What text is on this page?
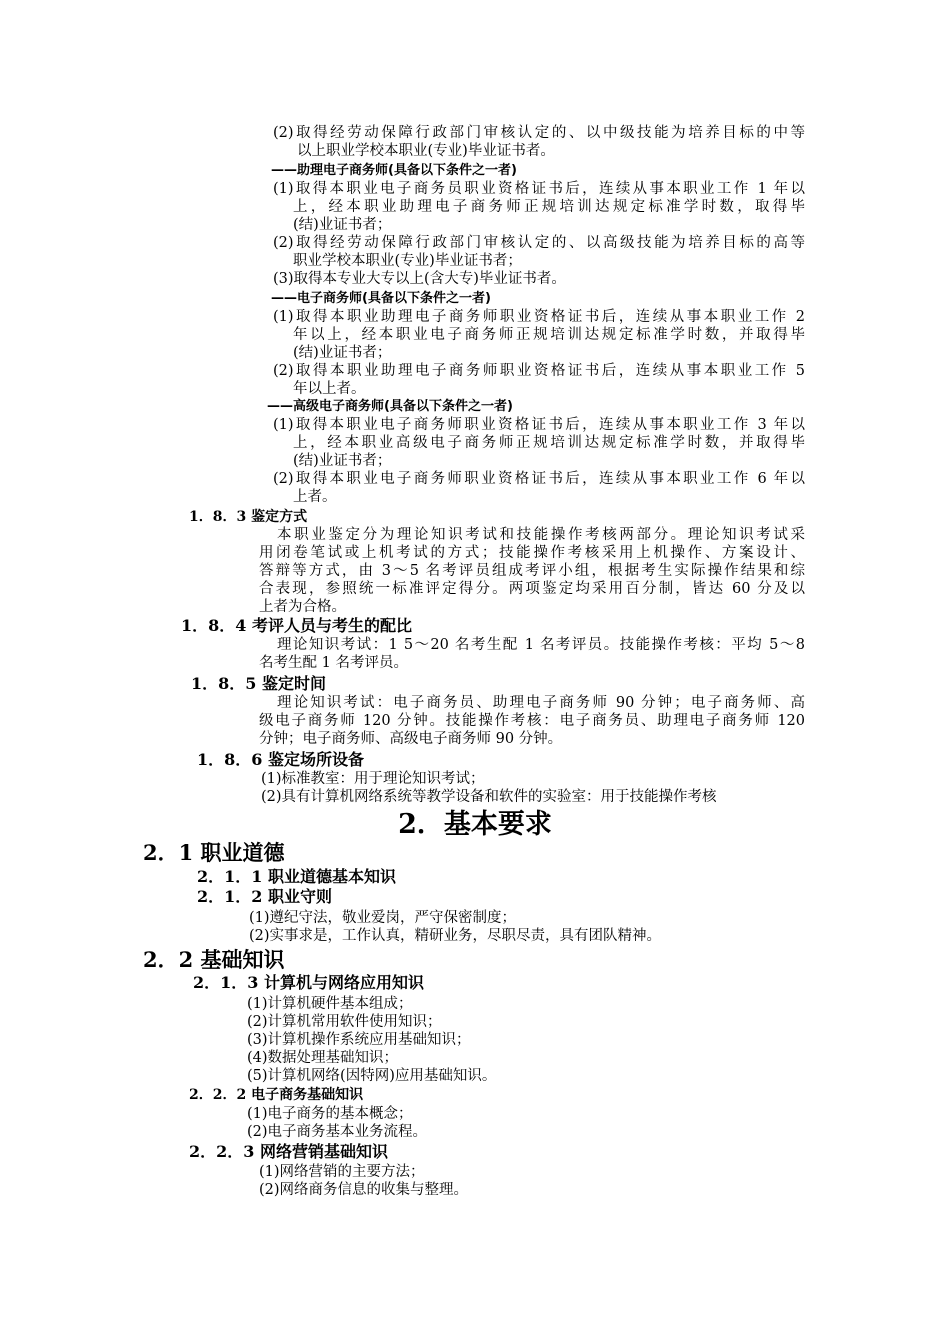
(2)取得经劳动保障行政部门审核认定的、以中级技能为培养目标的中等
以上职业学校本职业(专业)毕业证书者。
——助理电子商务师(具备以下条件之一者)
(1)取得本职业电子商务员职业资格证书后，连续从事本职业工作 1 年以
上，经本职业助理电子商务师正规培训达规定标准学时数，取得毕
(结)业证书者；
(2)取得经劳动保障行政部门审核认定的、以高级技能为培养目标的高等
职业学校本职业(专业)毕业证书者；
(3)取得本专业大专以上(含大专)毕业证书者。
——电子商务师(具备以下条件之一者)
(1)取得本职业助理电子商务师职业资格证书后，连续从事本职业工作 2
年以上，经本职业电子商务师正规培训达规定标准学时数，并取得毕
(结)业证书者；
(2)取得本职业助理电子商务师职业资格证书后，连续从事本职业工作 5
年以上者。
——高级电子商务师(具备以下条件之一者)
(1)取得本职业电子商务师职业资格证书后，连续从事本职业工作 3 年以
上，经本职业高级电子商务师正规培训达规定标准学时数，并取得毕
(结)业证书者；
(2)取得本职业电子商务师职业资格证书后，连续从事本职业工作 6 年以
上者。
1．8．3 鉴定方式
本职业鉴定分为理论知识考试和技能操作考核两部分。理论知识考试采
用闭卷笔试或上机考试的方式；技能操作考核采用上机操作、方案设计、
答辩等方式，由 3～5 名考评员组成考评小组，根据考生实际操作结果和综
合表现，参照统一标准评定得分。两项鉴定均采用百分制，皆达 60 分及以
上者为合格。
1．8．4 考评人员与考生的配比
理论知识考试：1 5～20 名考生配 1 名考评员。技能操作考核：平均 5～8
名考生配 1 名考评员。
1．8．5 鉴定时间
理论知识考试：电子商务员、助理电子商务师 90 分钟；电子商务师、高
级电子商务师 120 分钟。技能操作考核：电子商务员、助理电子商务师 120
分钟；电子商务师、高级电子商务师 90 分钟。
1．8．6 鉴定场所设备
(1)标准教室：用于理论知识考试；
(2)具有计算机网络系统等教学设备和软件的实验室：用于技能操作考核
2．基本要求
2．1 职业道德
2．1．1 职业道德基本知识
2．1．2 职业守则
(1)遵纪守法，敬业爱岗，严守保密制度；
(2)实事求是，工作认真，精研业务，尽职尽责，具有团队精神。
2．2 基础知识
2．1．3 计算机与网络应用知识
(1)计算机硬件基本组成；
(2)计算机常用软件使用知识；
(3)计算机操作系统应用基础知识；
(4)数据处理基础知识；
(5)计算机网络(因特网)应用基础知识。
2．2．2 电子商务基础知识
(1)电子商务的基本概念；
(2)电子商务基本业务流程。
2．2．3 网络营销基础知识
(1)网络营销的主要方法；
(2)网络商务信息的收集与整理。
